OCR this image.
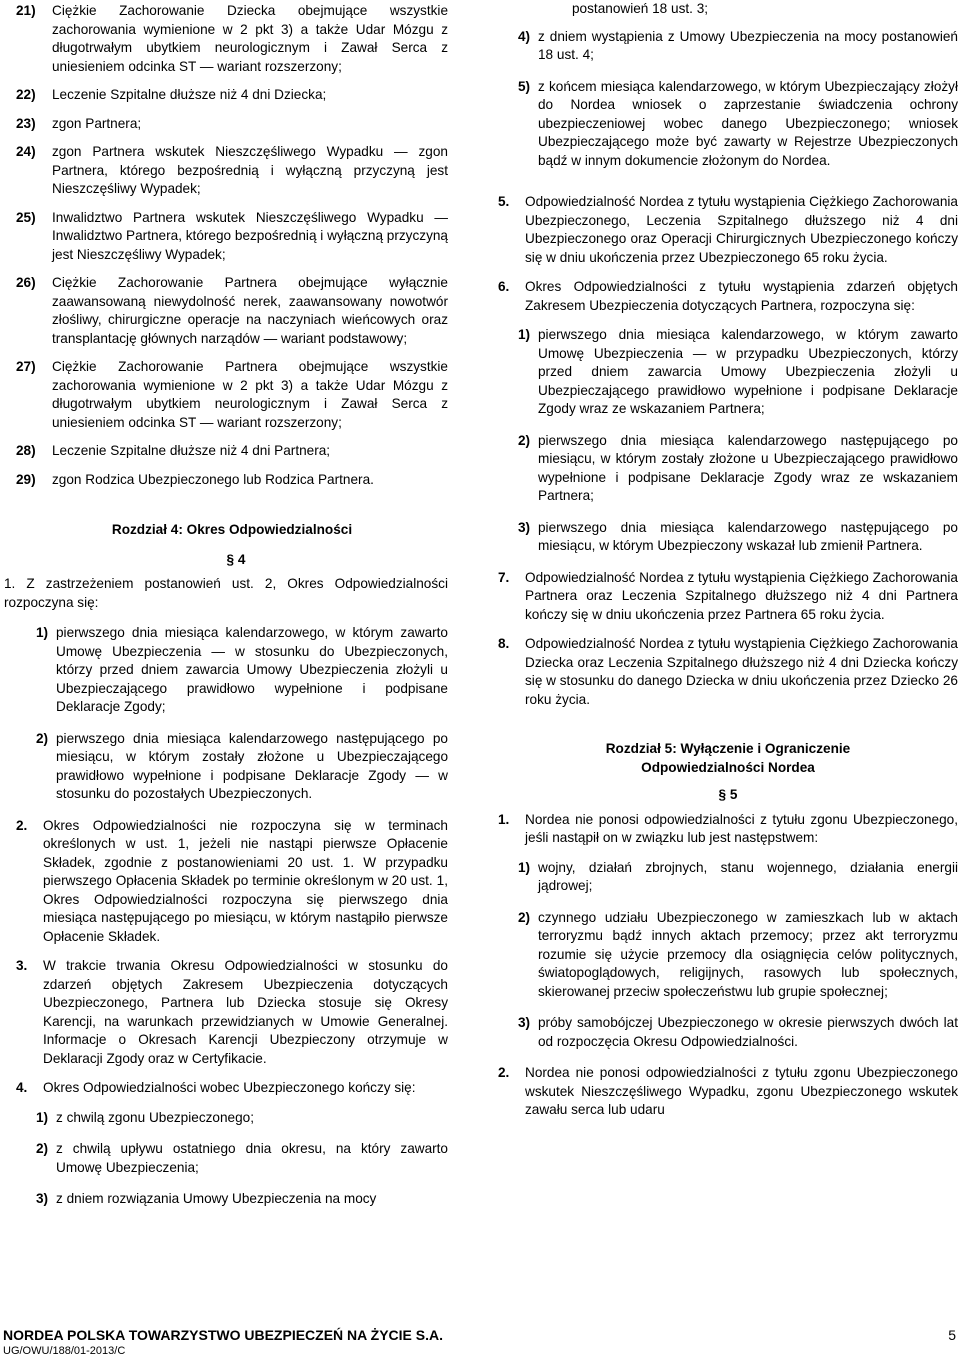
21)	Ciężkie Zachorowanie Dziecka obejmujące wszystkie zachorowania wymienione w 2 pkt 3) a także Udar Mózgu z długotrwałym ubytkiem neurologicznym i Zawał Serca z uniesieniem odcinka ST — wariant rozszerzony;
22)	Leczenie Szpitalne dłuższe niż 4 dni Dziecka;
23)	zgon Partnera;
24)	zgon Partnera wskutek Nieszczęśliwego Wypadku — zgon Partnera, którego bezpośrednią i wyłączną przyczyną jest Nieszczęśliwy Wypadek;
25)	Inwalidztwo Partnera wskutek Nieszczęśliwego Wypadku — Inwalidztwo Partnera, którego bezpośrednią i wyłączną przyczyną jest Nieszczęśliwy Wypadek;
26)	Ciężkie Zachorowanie Partnera obejmujące wyłącznie zaawansowaną niewydolność nerek, zaawansowany nowotwór złośliwy, chirurgiczne operacje na naczyniach wieńcowych oraz transplantację głównych narządów — wariant podstawowy;
27)	Ciężkie Zachorowanie Partnera obejmujące wszystkie zachorowania wymienione w 2 pkt 3) a także Udar Mózgu z długotrwałym ubytkiem neurologicznym i Zawał Serca z uniesieniem odcinka ST — wariant rozszerzony;
28)	Leczenie Szpitalne dłuższe niż 4 dni Partnera;
29)	zgon Rodzica Ubezpieczonego lub Rodzica Partnera.

Rozdział 4: Okres Odpowiedzialności

§ 4

1. Z zastrzeżeniem postanowień ust. 2, Okres Odpowiedzialności rozpoczyna się:

1) pierwszego dnia miesiąca kalendarzowego, w którym zawarto Umowę Ubezpieczenia — w stosunku do Ubezpieczonych, którzy przed dniem zawarcia Umowy Ubezpieczenia złożyli u Ubezpieczającego prawidłowo wypełnione i podpisane Deklaracje Zgody;
2) pierwszego dnia miesiąca kalendarzowego następującego po miesiącu, w którym zostały złożone u Ubezpieczającego prawidłowo wypełnione i podpisane Deklaracje Zgody — w stosunku do pozostałych Ubezpieczonych.
2.	Okres Odpowiedzialności nie rozpoczyna się w terminach określonych w ust. 1, jeżeli nie nastąpi pierwsze Opłacenie Składek, zgodnie z postanowieniami 20 ust. 1. W przypadku pierwszego Opłacenia Składek po terminie określonym w 20 ust. 1, Okres Odpowiedzialności rozpoczyna się pierwszego dnia miesiąca następującego po miesiącu, w którym nastąpiło pierwsze Opłacenie Składek.
3.	W trakcie trwania Okresu Odpowiedzialności w stosunku do zdarzeń objętych Zakresem Ubezpieczenia dotyczących Ubezpieczonego, Partnera lub Dziecka stosuje się Okresy Karencji, na warunkach przewidzianych w Umowie Generalnej. Informacje o Okresach Karencji Ubezpieczony otrzymuje w Deklaracji Zgody oraz w Certyfikacie.
4.	Okres Odpowiedzialności wobec Ubezpieczonego kończy się:
1) z chwilą zgonu Ubezpieczonego;
2) z chwilą upływu ostatniego dnia okresu, na który zawarto Umowę Ubezpieczenia;
3) z dniem rozwiązania Umowy Ubezpieczenia na mocy

postanowień 18 ust. 3;

4) z dniem wystąpienia z Umowy Ubezpieczenia na mocy postanowień 18 ust. 4;
5) z końcem miesiąca kalendarzowego, w którym Ubezpieczający złożył do Nordea wniosek o zaprzestanie świadczenia ochrony ubezpieczeniowej wobec danego Ubezpieczonego; wniosek Ubezpieczającego może być zawarty w Rejestrze Ubezpieczonych bądź w innym dokumencie złożonym do Nordea.
5.	Odpowiedzialność Nordea z tytułu wystąpienia Ciężkiego Zachorowania Ubezpieczonego, Leczenia Szpitalnego dłuższego niż 4 dni Ubezpieczonego oraz Operacji Chirurgicznych Ubezpieczonego kończy się w dniu ukończenia przez Ubezpieczonego 65 roku życia.
6.	Okres Odpowiedzialności z tytułu wystąpienia zdarzeń objętych Zakresem Ubezpieczenia dotyczących Partnera, rozpoczyna się:
1) pierwszego dnia miesiąca kalendarzowego, w którym zawarto Umowę Ubezpieczenia — w przypadku Ubezpieczonych, którzy przed dniem zawarcia Umowy Ubezpieczenia złożyli u Ubezpieczającego prawidłowo wypełnione i podpisane Deklaracje Zgody wraz ze wskazaniem Partnera;
2) pierwszego dnia miesiąca kalendarzowego następującego po miesiącu, w którym zostały złożone u Ubezpieczającego prawidłowo wypełnione i podpisane Deklaracje Zgody wraz ze wskazaniem Partnera;
3) pierwszego dnia miesiąca kalendarzowego następującego po miesiącu, w którym Ubezpieczony wskazał lub zmienił Partnera.
7.	Odpowiedzialność Nordea z tytułu wystąpienia Ciężkiego Zachorowania Partnera oraz Leczenia Szpitalnego dłuższego niż 4 dni Partnera kończy się w dniu ukończenia przez Partnera 65 roku życia.
8.	Odpowiedzialność Nordea z tytułu wystąpienia Ciężkiego Zachorowania Dziecka oraz Leczenia Szpitalnego dłuższego niż 4 dni Dziecka kończy się w stosunku do danego Dziecka w dniu ukończenia przez Dziecko 26 roku życia.

Rozdział 5: Wyłączenie i Ograniczenie

Odpowiedzialności Nordea

§ 5

1.	Nordea nie ponosi odpowiedzialności z tytułu zgonu Ubezpieczonego, jeśli nastąpił on w związku lub jest następstwem:
1) wojny, działań zbrojnych, stanu wojennego, działania energii jądrowej;
2) czynnego udziału Ubezpieczonego w zamieszkach lub w aktach terroryzmu bądź innych aktach przemocy; przez akt terroryzmu rozumie się użycie przemocy dla osiągnięcia celów politycznych, światopoglądowych, religijnych, rasowych lub społecznych, skierowanej przeciw społeczeństwu lub grupie społecznej;
3) próby samobójczej Ubezpieczonego w okresie pierwszych dwóch lat od rozpoczęcia Okresu Odpowiedzialności.
2.	Nordea nie ponosi odpowiedzialności z tytułu zgonu Ubezpieczonego wskutek Nieszczęśliwego Wypadku, zgonu Ubezpieczonego wskutek zawału serca lub udaru
NORDEA POLSKA TOWARZYSTWO UBEZPIECZEŃ NA ŻYCIE S.A.
UG/OWU/188/01-2013/C
5
